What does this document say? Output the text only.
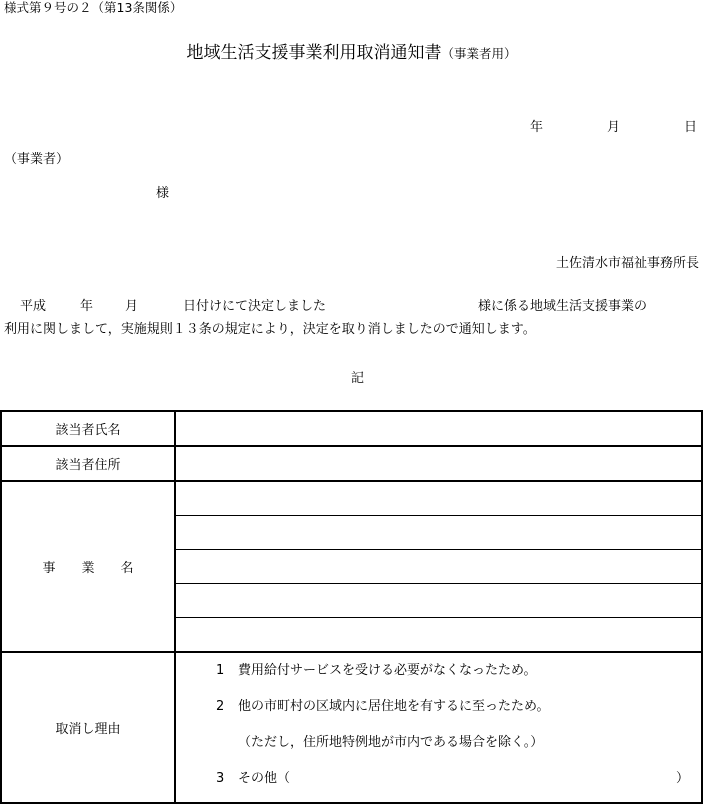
様式第９号の２（第13条関係）
地域生活支援事業利用取消通知書（事業者用）
年	月	日
（事業者）
様
土佐清水市福祉事務所長
平成	年 月	日付けにて決定しました	様に係る地域生活支援事業の
利用に関しまして，実施規則１３条の規定により，決定を取り消しましたので通知します。
記
該当者氏名	
該当者住所	
事　　業　　名	

取消し理由	1 費用給付サービスを受ける必要がなくなったため。
2 他の市町村の区域内に居住地を有するに至ったため。
（ただし，住所地特例地が市内である場合を除く。）
3 その他（ ）
